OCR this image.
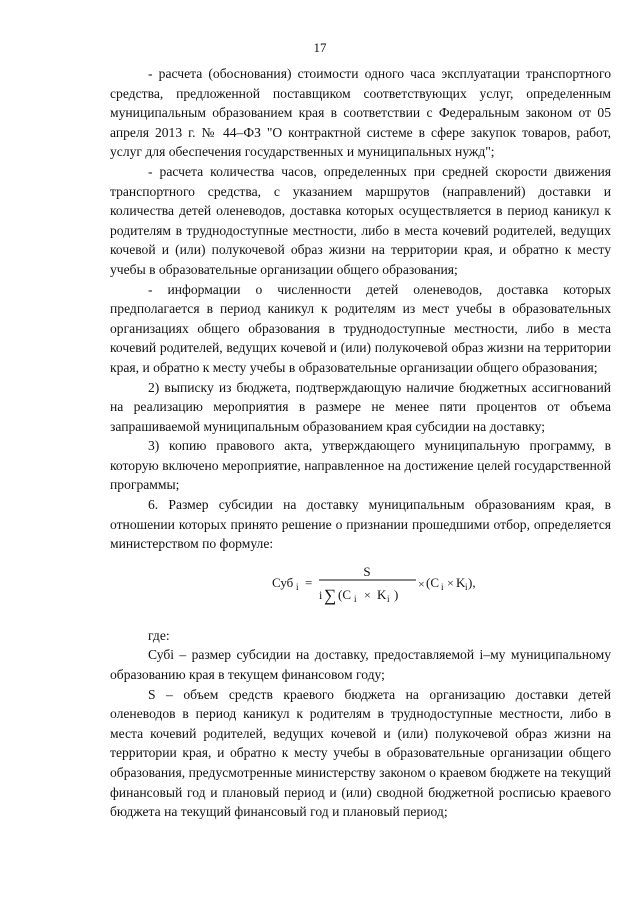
17

- расчета (обоснования) стоимости одного часа эксплуатации транспортного средства, предложенной поставщиком соответствующих услуг, определенным муниципальным образованием края в соответствии с Федеральным законом от 05 апреля 2013 г. № 44–ФЗ "О контрактной системе в сфере закупок товаров, работ, услуг для обеспечения государственных и муниципальных нужд";

- расчета количества часов, определенных при средней скорости движения транспортного средства, с указанием маршрутов (направлений) доставки и количества детей оленеводов, доставка которых осуществляется в период каникул к родителям в труднодоступные местности, либо в места кочевий родителей, ведущих кочевой и (или) полукочевой образ жизни на территории края, и обратно к месту учебы в образовательные организации общего образования;

- информации о численности детей оленеводов, доставка которых предполагается в период каникул к родителям из мест учебы в образовательных организациях общего образования в труднодоступные местности, либо в места кочевий родителей, ведущих кочевой и (или) полукочевой образ жизни на территории края, и обратно к месту учебы в образовательные организации общего образования;

2) выписку из бюджета, подтверждающую наличие бюджетных ассигнований на реализацию мероприятия в размере не менее пяти процентов от объема запрашиваемой муниципальным образованием края субсидии на доставку;

3) копию правового акта, утверждающего муниципальную программу, в которую включено мероприятие, направленное на достижение целей государственной программы;

6. Размер субсидии на доставку муниципальным образованиям края, в отношении которых принято решение о признании прошедшими отбор, определяется министерством по формуле:

Суб i =
S
i ∑ (C i × K i )
× (C i × K i ),

где:

Субi – размер субсидии на доставку, предоставляемой i–му муниципальному образованию края в текущем финансовом году;

S – объем средств краевого бюджета на организацию доставки детей оленеводов в период каникул к родителям в труднодоступные местности, либо в места кочевий родителей, ведущих кочевой и (или) полукочевой образ жизни на территории края, и обратно к месту учебы в образовательные организации общего образования, предусмотренные министерству законом о краевом бюджете на текущий финансовый год и плановый период и (или) сводной бюджетной росписью краевого бюджета на текущий финансовый год и плановый период;
